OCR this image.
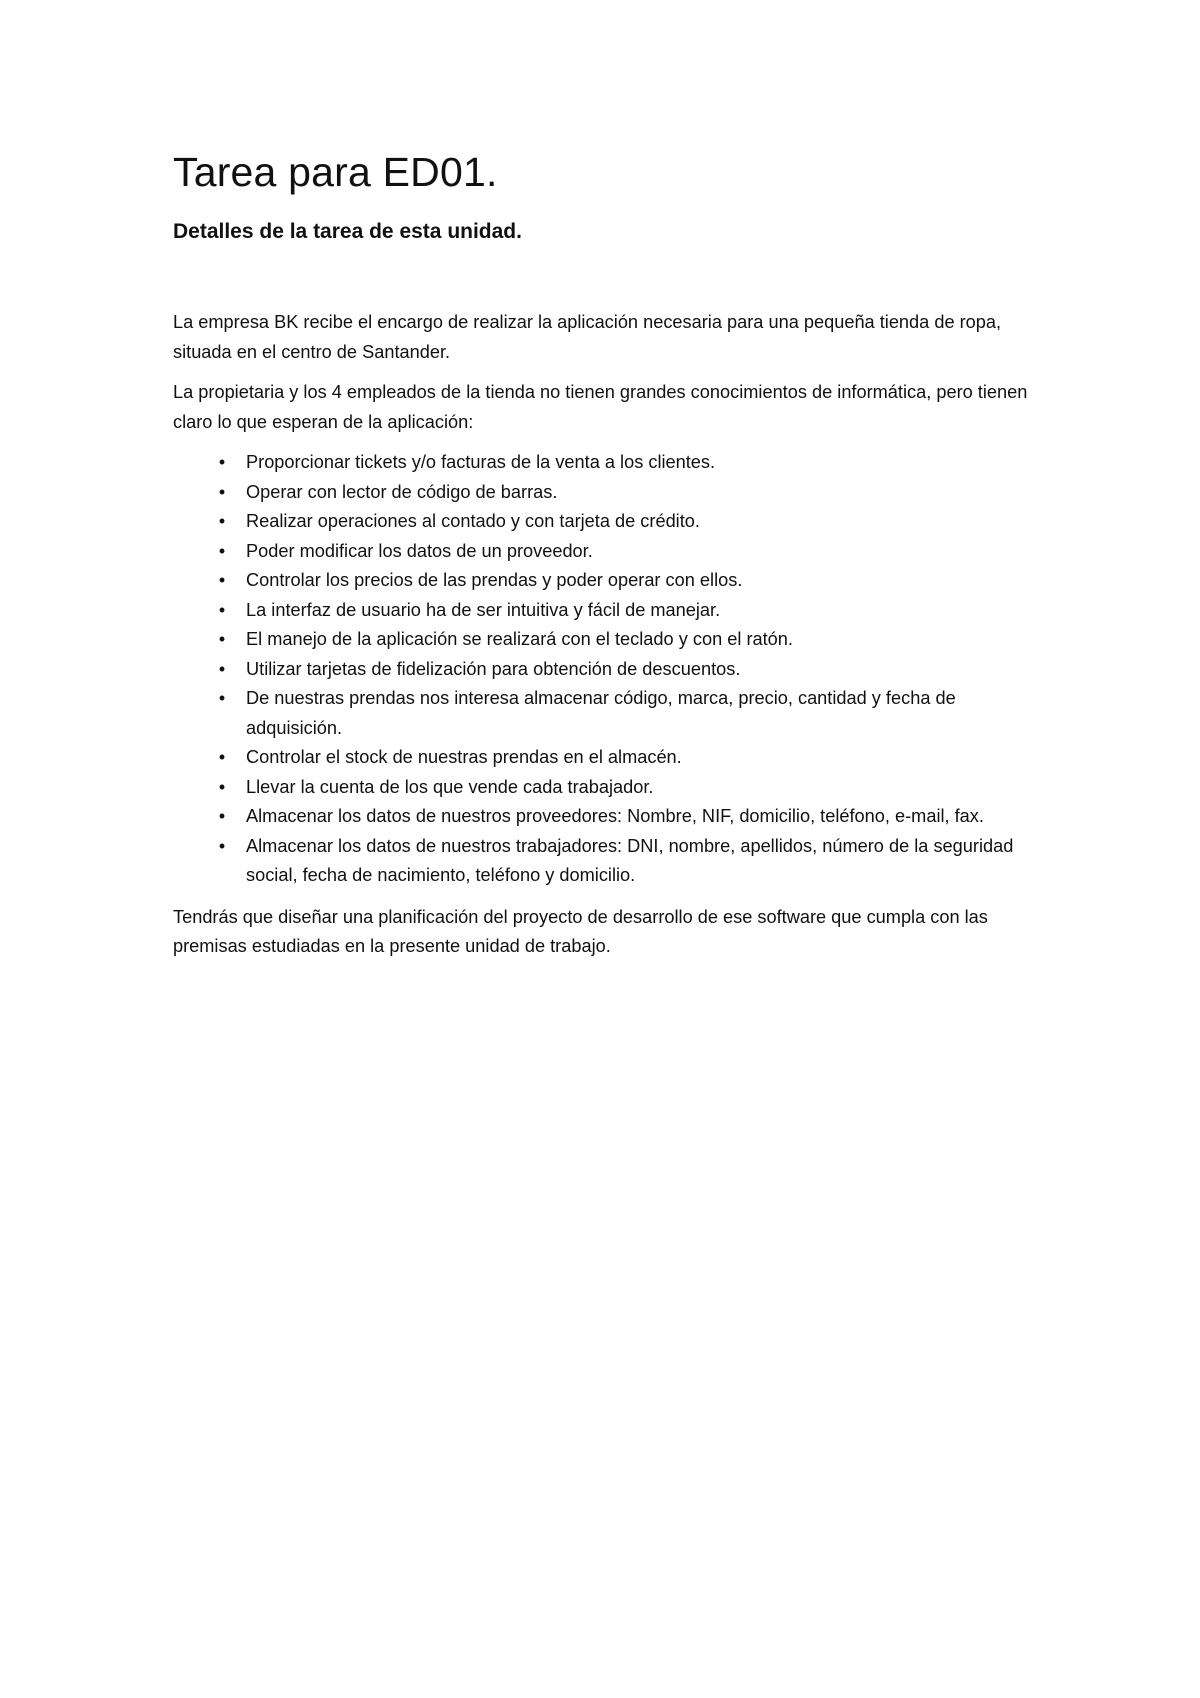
Tarea para ED01.
Detalles de la tarea de esta unidad.

La empresa BK recibe el encargo de realizar la aplicación necesaria para una pequeña tienda de ropa, situada en el centro de Santander.

La propietaria y los 4 empleados de la tienda no tienen grandes conocimientos de informática, pero tienen claro lo que esperan de la aplicación:

• Proporcionar tickets y/o facturas de la venta a los clientes.
• Operar con lector de código de barras.
• Realizar operaciones al contado y con tarjeta de crédito.
• Poder modificar los datos de un proveedor.
• Controlar los precios de las prendas y poder operar con ellos.
• La interfaz de usuario ha de ser intuitiva y fácil de manejar.
• El manejo de la aplicación se realizará con el teclado y con el ratón.
• Utilizar tarjetas de fidelización para obtención de descuentos.
• De nuestras prendas nos interesa almacenar código, marca, precio, cantidad y fecha de adquisición.
• Controlar el stock de nuestras prendas en el almacén.
• Llevar la cuenta de los que vende cada trabajador.
• Almacenar los datos de nuestros proveedores: Nombre, NIF, domicilio, teléfono, e-mail, fax.
• Almacenar los datos de nuestros trabajadores: DNI, nombre, apellidos, número de la seguridad social, fecha de nacimiento, teléfono y domicilio.

Tendrás que diseñar una planificación del proyecto de desarrollo de ese software que cumpla con las premisas estudiadas en la presente unidad de trabajo.
